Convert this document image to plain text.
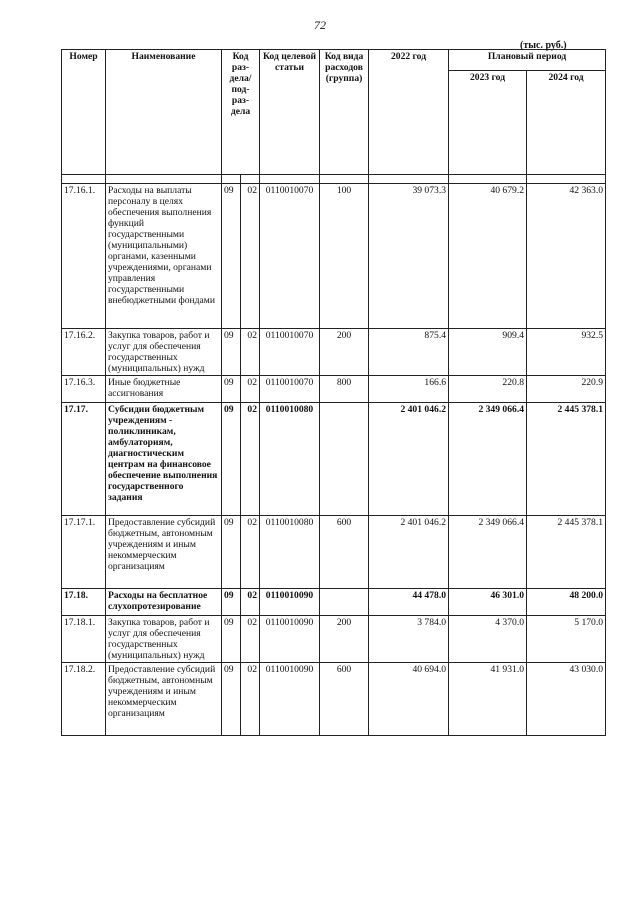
72
(тыс. руб.)
Номер	Наименование	Код раз-дела/ под-раз-дела		Код целевой статьи	Код вида расходов (группа)	2022 год	Плановый период	
							2023 год	2024 год

17.16.1.	Расходы на выплаты персоналу в целях обеспечения выполнения функций государственными (муниципальными) органами, казенными учреждениями, органами управления государственными внебюджетными фондами	09	02	0110010070	100	39 073.3	40 679.2	42 363.0
17.16.2.	Закупка товаров, работ и услуг для обеспечения государственных (муниципальных) нужд	09	02	0110010070	200	875.4	909.4	932.5
17.16.3.	Иные бюджетные ассигнования	09	02	0110010070	800	166.6	220.8	220.9
17.17.	Субсидии бюджетным учреждениям - поликлиникам, амбулаториям, диагностическим центрам на финансовое обеспечение выполнения государственного задания	09	02	0110010080		2 401 046.2	2 349 066.4	2 445 378.1
17.17.1.	Предоставление субсидий бюджетным, автономным учреждениям и иным некоммерческим организациям	09	02	0110010080	600	2 401 046.2	2 349 066.4	2 445 378.1
17.18.	Расходы на бесплатное слухопротезирование	09	02	0110010090		44 478.0	46 301.0	48 200.0
17.18.1.	Закупка товаров, работ и услуг для обеспечения государственных (муниципальных) нужд	09	02	0110010090	200	3 784.0	4 370.0	5 170.0
17.18.2.	Предоставление субсидий бюджетным, автономным учреждениям и иным некоммерческим организациям	09	02	0110010090	600	40 694.0	41 931.0	43 030.0
